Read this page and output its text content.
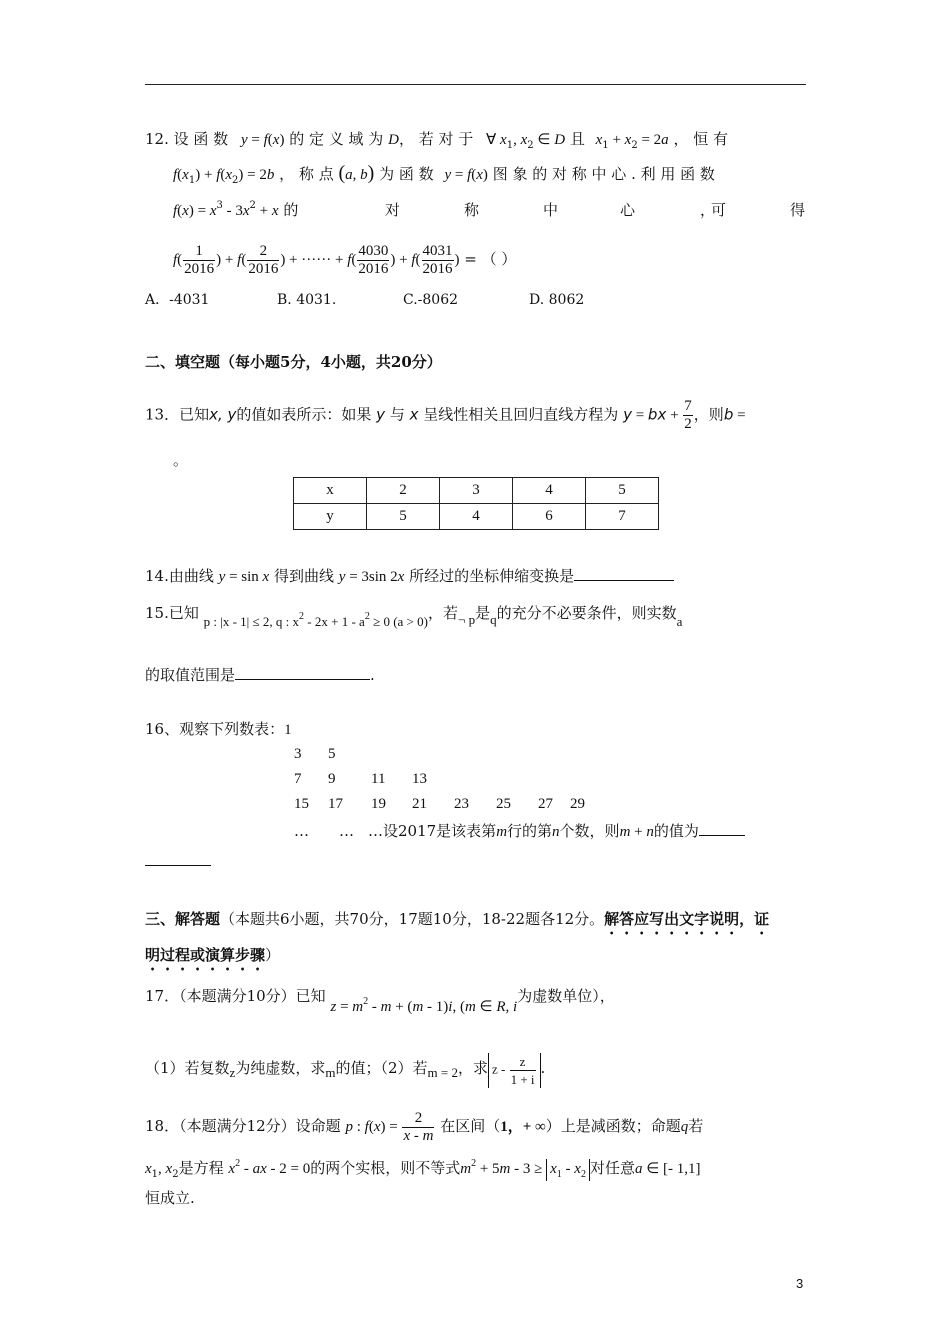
12. 设 函 数 y = f(x) 的 定 义 域 为 D， 若 对 于 ∀ $x_1$, $x_2$ ∈ D 且 $x_1 + x_2 = 2a$ ， 恒 有
$f(x_1) + f(x_2) = 2b$ ， 称 点 (a, b) 为 函 数 y = f(x) 图 象 的 对 称 中 心 . 利 用 函 数
$f(x) = x^3 - 3x^2 + x$ 的	对	称	中	心	，
可	得
$f( \frac{1}{2016}$ ) + $f( \frac{2}{2016}$ ) + ······ + $f( \frac{4030}{2016}$ ) + $f( \frac{4031}{2016}$ ) = （ ）
A．-4031	B. 4031.	C.-8062	D. 8062
二、填空题（每小题5分，4小题，共20分）
13．已知x, y的值如表所示：如果 y 与 x 呈线性相关且回归直线方程为 y = bx + $\frac{7}{2}$ ，则b =
。
x	2	3	4	5
y	5	4	6	7
14.由曲线 y = sin x 得到曲线 y = 3sin 2x 所经过的坐标伸缩变换是
15.已知 p : |x - 1| ≤ 2, q : $x^2 - 2x + 1 - a^2 \ge 0$ (a > 0)，若¬ p是q的充分不必要条件，则实数a
的取值范围是	.
16、观察下列数表：1
3 5
7 9 11 13
15 17 19 21 23 25 27 29
… … …设2017是该表第m行的第n个数，则m + n的值为
三、解答题（本题共6小题，共70分，17题10分，18-22题各12分。解答应写出文字说明，证
明过程或演算步骤）
17．（本题满分10分）已知 $z = m^2 - m + (m - 1)i$, (m ∈ R, i为虚数单位），
（1）若复数z为纯虚数，求m的值；（2）若m = 2，求 z - $\frac{z}{1 + i}$ .
18．（本题满分12分）设命题 p : $f(x) = \frac{2}{x - m}$ 在区间（1，+ ∞）上是减函数；命题q若
$x_1$, $x_2$是方程 $x^2$ - ax - 2 = 0的两个实根，则不等式$m^2 + 5m - 3 \ge x_1 - x_2$ 对任意a ∈ [- 1,1]
恒成立.
3
